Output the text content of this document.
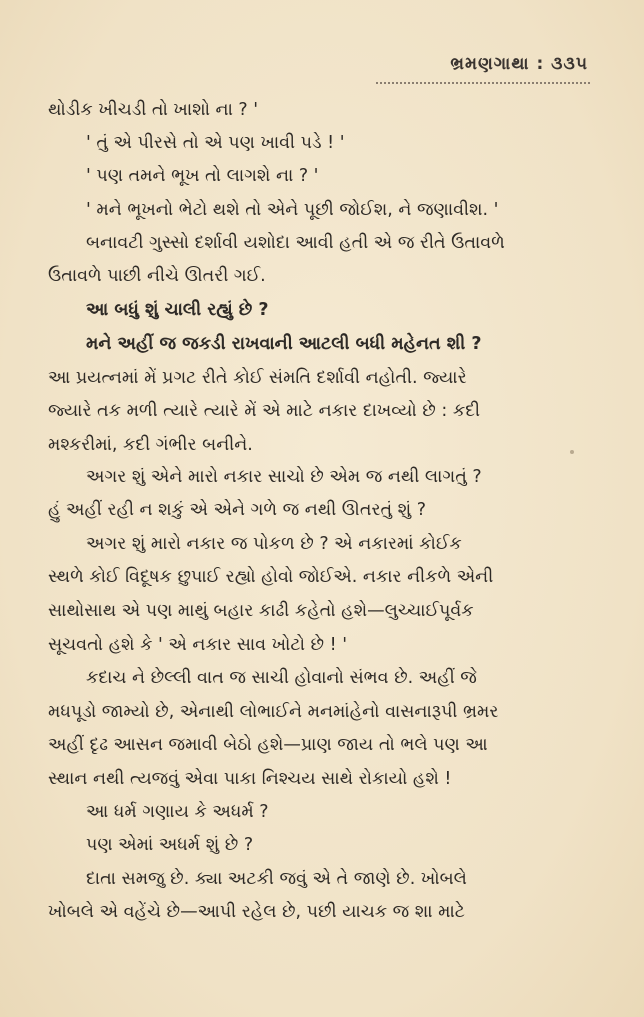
ભ્રમણગાથા : ૩૩૫
થોડીક ખીચડી તો ખાશો ના ? '
' તું એ પીરસે તો એ પણ ખાવી પડે ! '
' પણ તમને ભૂખ તો લાગશે ના ? '
' મને ભૂખનો ભેટો થશે તો એને પૂછી જોઈશ, ને જણાવીશ. '
બનાવટી ગુસ્સો દર્શાવી યશોદા આવી હતી એ જ રીતે ઉતાવળે
ઉતાવળે પાછી નીચે ઊતરી ગઈ.
આ બધું શું ચાલી રહ્યું છે ?
મને અહીં જ જકડી રાખવાની આટલી બધી મહેનત શી ?
આ પ્રયત્નમાં મેં પ્રગટ રીતે કોઈ સંમતિ દર્શાવી નહોતી. જ્યારે
જ્યારે તક મળી ત્યારે ત્યારે મેં એ માટે નકાર દાખવ્યો છે : કદી
મશ્કરીમાં, કદી ગંભીર બનીને.
અગર શું એને મારો નકાર સાચો છે એમ જ નથી લાગતું ?
હું અહીં રહી ન શકું એ એને ગળે જ નથી ઊતરતું શું ?
અગર શું મારો નકાર જ પોકળ છે ? એ નકારમાં કોઈક
સ્થળે કોઈ વિદૂષક છુપાઈ રહ્યો હોવો જોઈએ. નકાર નીકળે એની
સાથોસાથ એ પણ માથું બહાર કાઢી કહેતો હશે—લુચ્ચાઈપૂર્વક
સૂચવતો હશે કે ' એ નકાર સાવ ખોટો છે ! '
કદાચ ને છેલ્લી વાત જ સાચી હોવાનો સંભવ છે. અહીં જે
મધપૂડો જામ્યો છે, એનાથી લોભાઈને મનમાંહેનો વાસનારૂપી ભ્રમર
અહીં દૃઢ આસન જમાવી બેઠો હશે—પ્રાણ જાય તો ભલે પણ આ
સ્થાન નથી ત્યજવું એવા પાકા નિશ્ચય સાથે રોકાયો હશે !
આ ધર્મ ગણાય કે અધર્મ ?
પણ એમાં અધર્મ શું છે ?
દાતા સમજુ છે. ક્યા અટકી જવું એ તે જાણે છે. ખોબલે
ખોબલે એ વહેંચે છે—આપી રહેલ છે, પછી યાચક જ શા માટે
